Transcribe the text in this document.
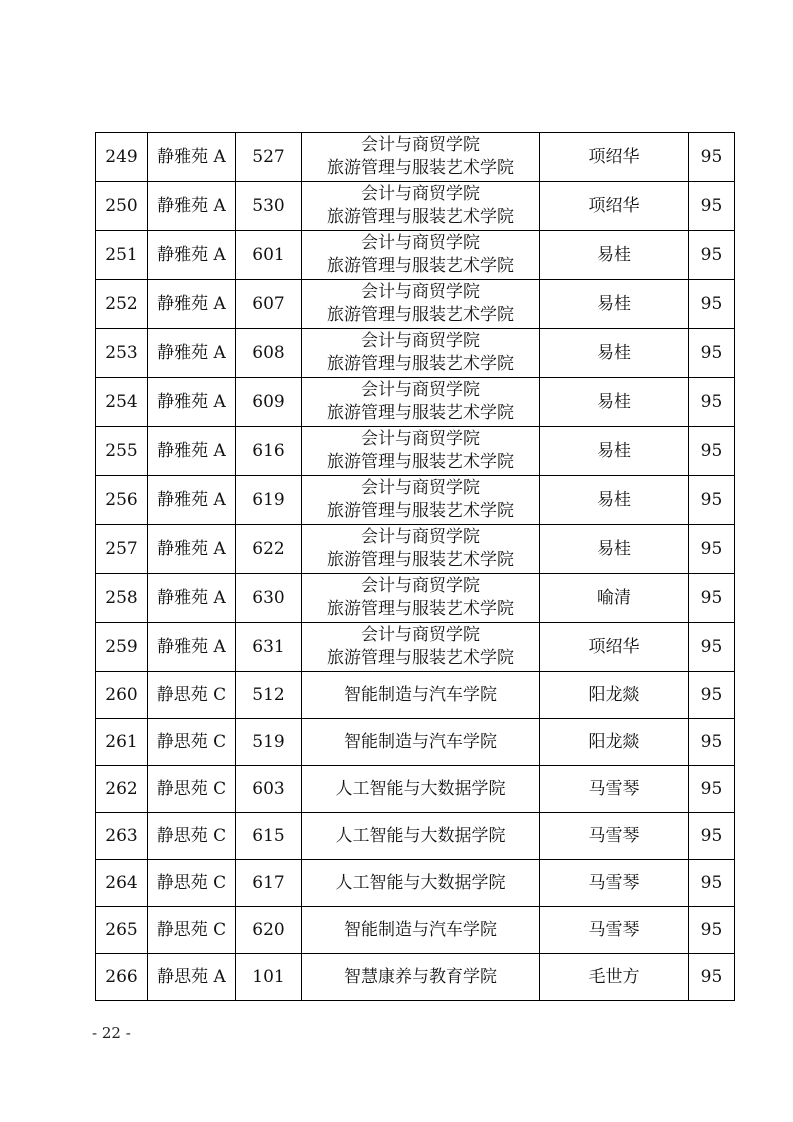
249	静雅苑 A	527	会计与商贸学院
旅游管理与服装艺术学院	项绍华	95
250	静雅苑 A	530	会计与商贸学院
旅游管理与服装艺术学院	项绍华	95
251	静雅苑 A	601	会计与商贸学院
旅游管理与服装艺术学院	易桂	95
252	静雅苑 A	607	会计与商贸学院
旅游管理与服装艺术学院	易桂	95
253	静雅苑 A	608	会计与商贸学院
旅游管理与服装艺术学院	易桂	95
254	静雅苑 A	609	会计与商贸学院
旅游管理与服装艺术学院	易桂	95
255	静雅苑 A	616	会计与商贸学院
旅游管理与服装艺术学院	易桂	95
256	静雅苑 A	619	会计与商贸学院
旅游管理与服装艺术学院	易桂	95
257	静雅苑 A	622	会计与商贸学院
旅游管理与服装艺术学院	易桂	95
258	静雅苑 A	630	会计与商贸学院
旅游管理与服装艺术学院	喻清	95
259	静雅苑 A	631	会计与商贸学院
旅游管理与服装艺术学院	项绍华	95
260	静思苑 C	512	智能制造与汽车学院	阳龙燚	95
261	静思苑 C	519	智能制造与汽车学院	阳龙燚	95
262	静思苑 C	603	人工智能与大数据学院	马雪琴	95
263	静思苑 C	615	人工智能与大数据学院	马雪琴	95
264	静思苑 C	617	人工智能与大数据学院	马雪琴	95
265	静思苑 C	620	智能制造与汽车学院	马雪琴	95
266	静思苑 A	101	智慧康养与教育学院	毛世方	95
- 22 -
